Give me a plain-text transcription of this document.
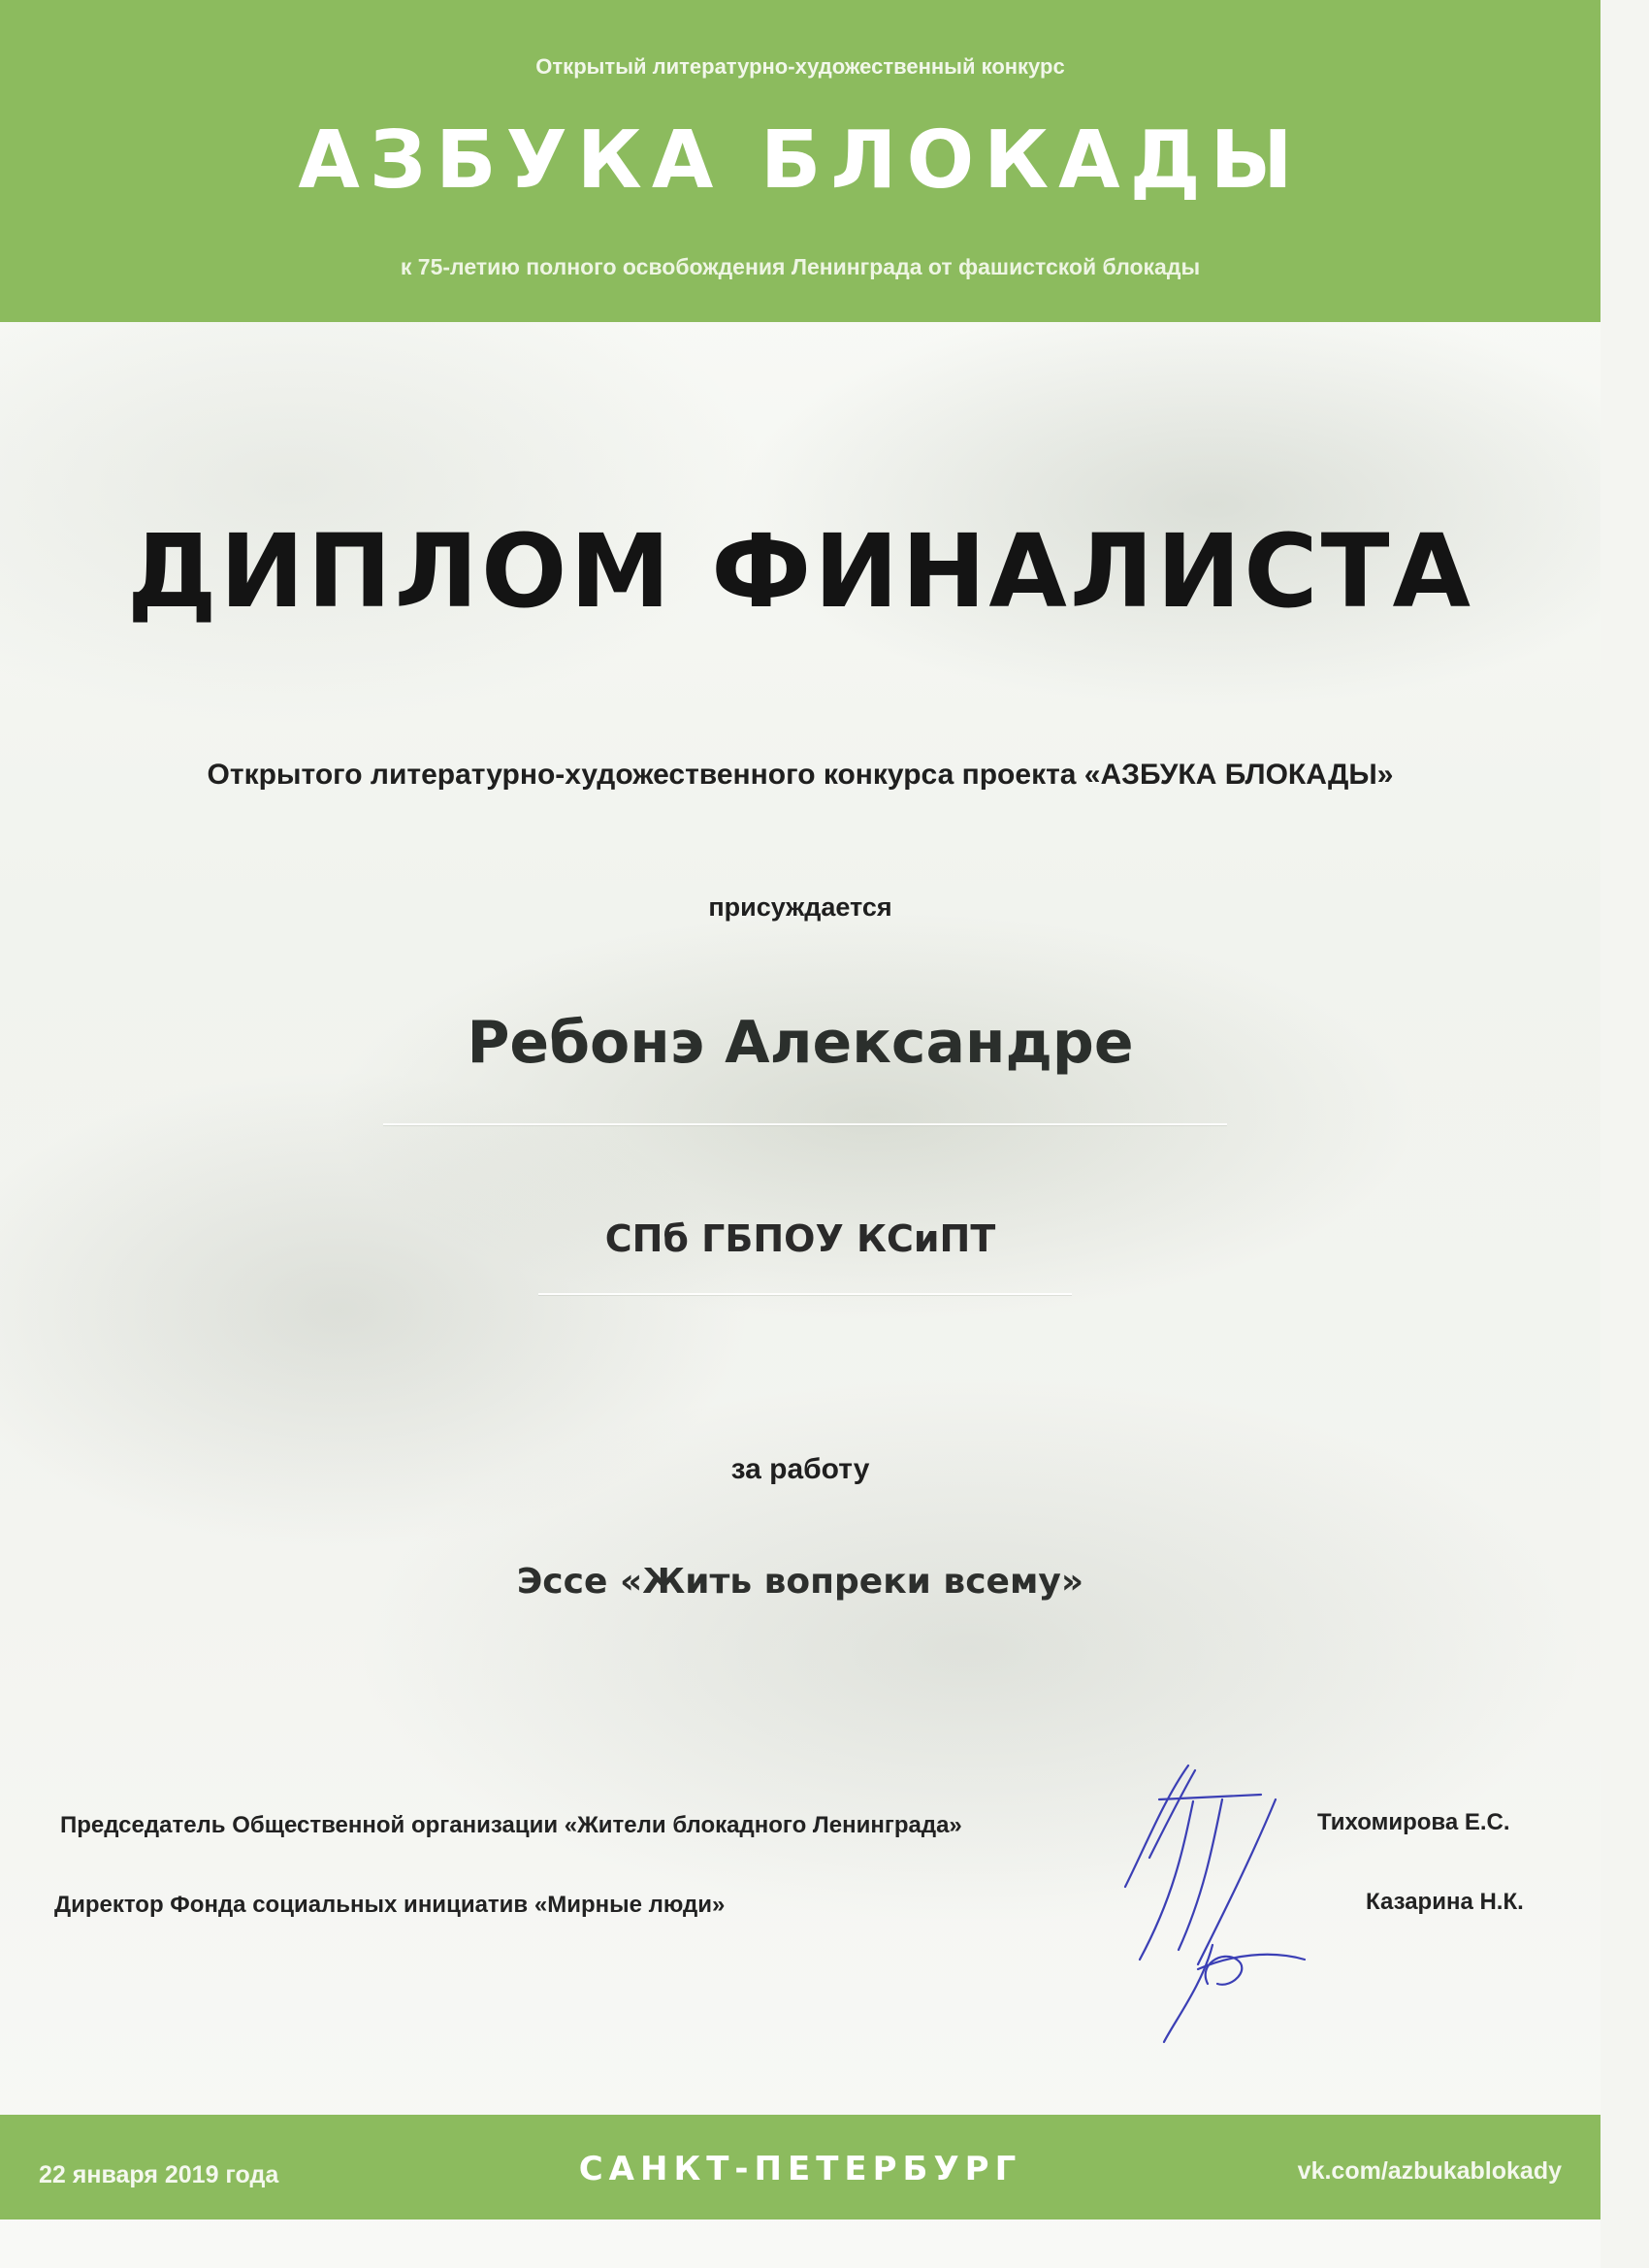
Открытый литературно-художественный конкурс
АЗБУКА БЛОКАДЫ
к 75-летию полного освобождения Ленинграда от фашистской блокады
ДИПЛОМ ФИНАЛИСТА
Открытого литературно-художественного конкурса проекта «АЗБУКА БЛОКАДЫ»
присуждается
Ребонэ Александре
СПб ГБПОУ КСиПТ
за работу
Эссе «Жить вопреки всему»
Председатель Общественной организации «Жители блокадного Ленинграда»	Тихомирова Е.С.
Директор Фонда социальных инициатив «Мирные люди»	Казарина Н.К.
22 января 2019 года	САНКТ-ПЕТЕРБУРГ	vk.com/azbukablokady
